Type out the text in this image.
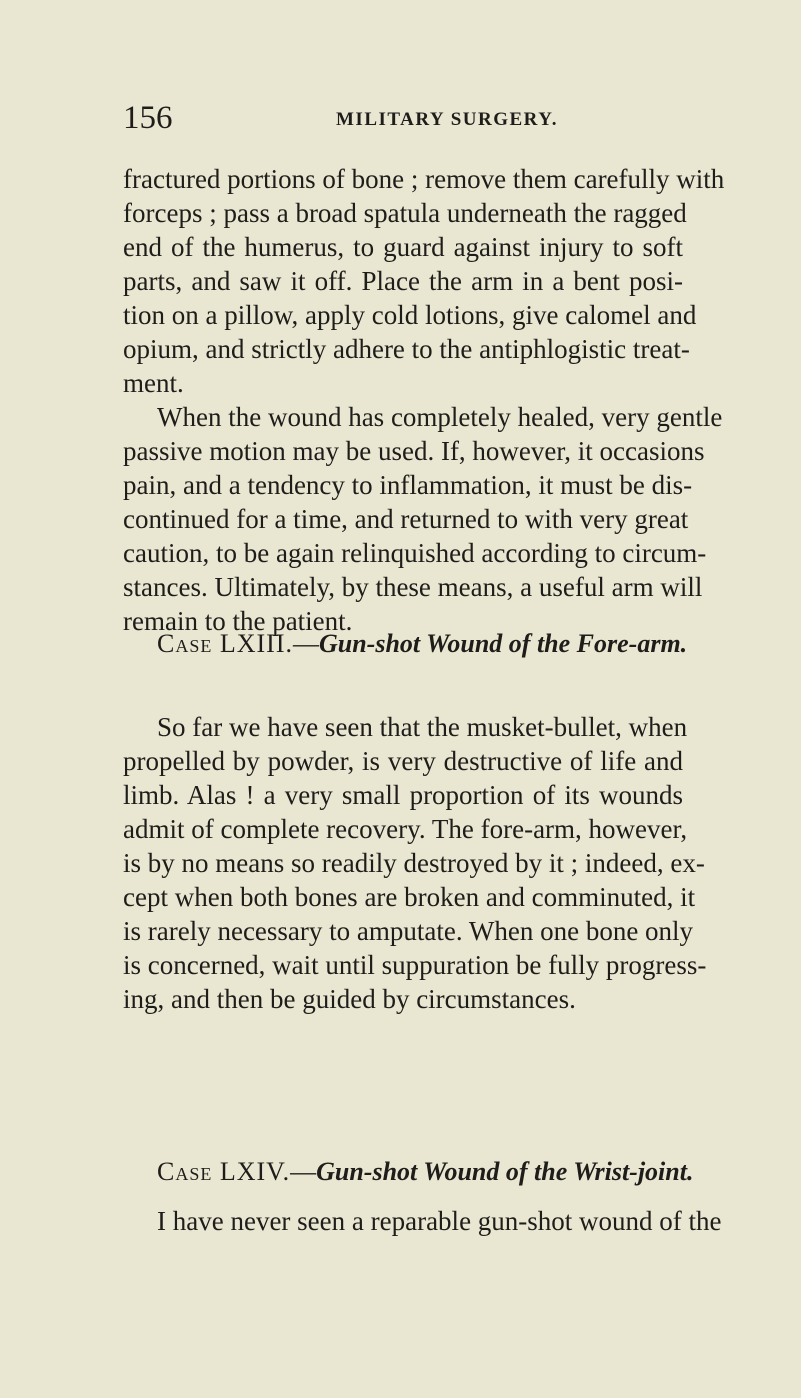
156	MILITARY SURGERY.
fractured portions of bone ; remove them carefully with
forceps ; pass a broad spatula underneath the ragged
end of the humerus, to guard against injury to soft
parts, and saw it off. Place the arm in a bent posi-
tion on a pillow, apply cold lotions, give calomel and
opium, and strictly adhere to the antiphlogistic treat-
ment.
When the wound has completely healed, very gentle
passive motion may be used. If, however, it occasions
pain, and a tendency to inflammation, it must be dis-
continued for a time, and returned to with very great
caution, to be again relinquished according to circum-
stances. Ultimately, by these means, a useful arm will
remain to the patient.
Case LXIII.—Gun-shot Wound of the Fore-arm.
So far we have seen that the musket-bullet, when
propelled by powder, is very destructive of life and
limb. Alas ! a very small proportion of its wounds
admit of complete recovery. The fore-arm, however,
is by no means so readily destroyed by it ; indeed, ex-
cept when both bones are broken and comminuted, it
is rarely necessary to amputate. When one bone only
is concerned, wait until suppuration be fully progress-
ing, and then be guided by circumstances.
Case LXIV.—Gun-shot Wound of the Wrist-joint.
I have never seen a reparable gun-shot wound of the
